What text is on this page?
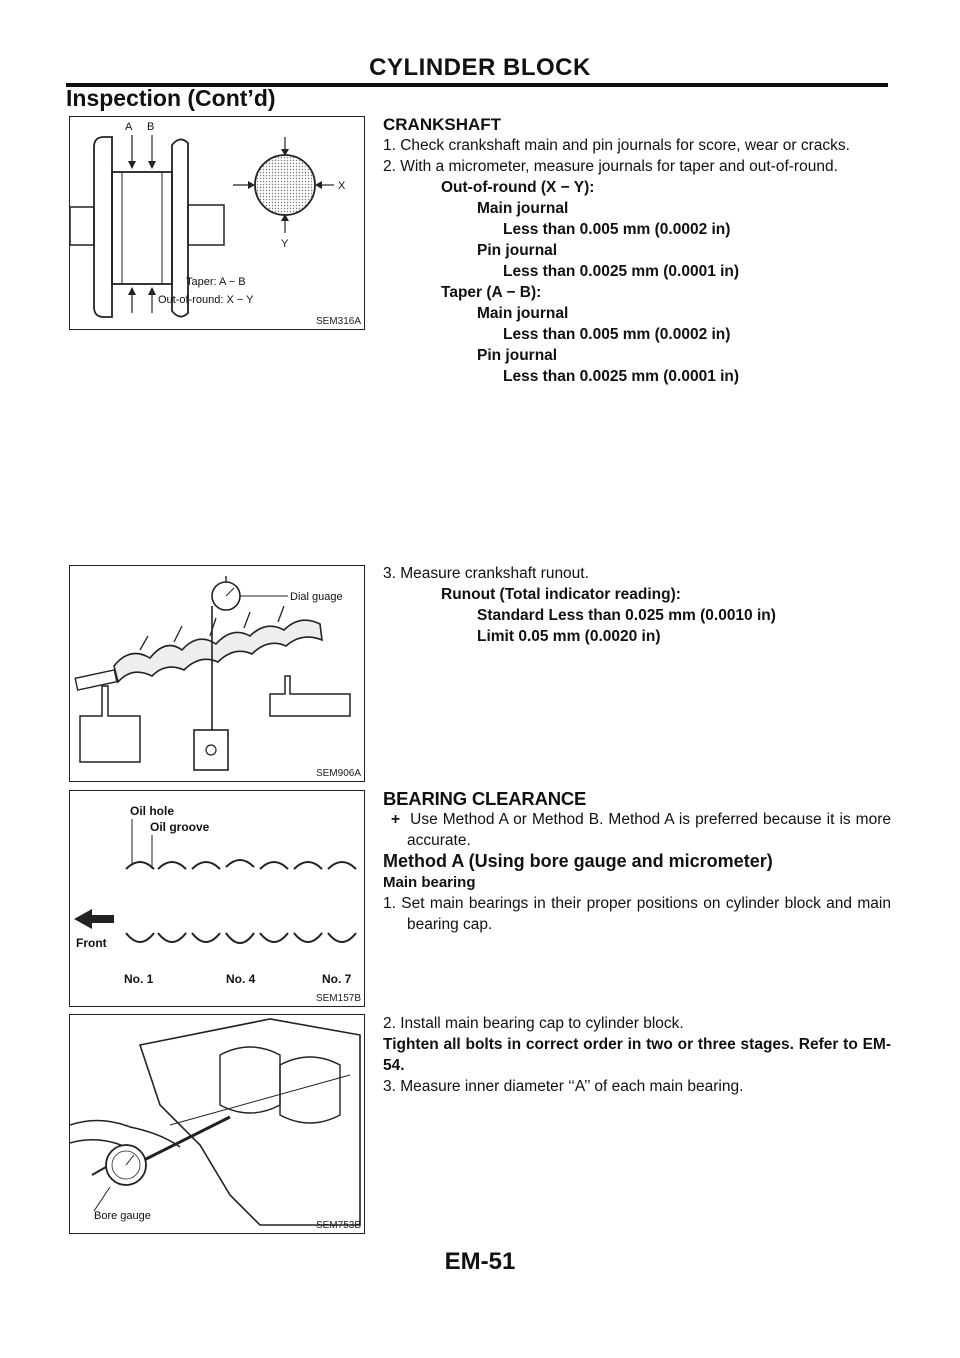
CYLINDER BLOCK
Inspection (Cont’d)
A B
X
Y
Taper: A − B
Out-of-round: X − Y
SEM316A
Dial guage
SEM906A
Oil hole
Oil groove
Front
No. 1	No. 4	No. 7
SEM157B
Bore gauge
SEM753B

CRANKSHAFT

1. Check crankshaft main and pin journals for score, wear or cracks.

2. With a micrometer, measure journals for taper and out-of-round.

Out-of-round (X − Y):

Main journal

Less than 0.005 mm (0.0002 in)

Pin journal

Less than 0.0025 mm (0.0001 in)

Taper (A − B):

Main journal

Less than 0.005 mm (0.0002 in)

Pin journal

Less than 0.0025 mm (0.0001 in)

3. Measure crankshaft runout.

Runout (Total indicator reading):

Standard Less than 0.025 mm (0.0010 in)

Limit 0.05 mm (0.0020 in)

BEARING CLEARANCE

+  Use Method A or Method B. Method A is preferred because it is more accurate.

Method A (Using bore gauge and micrometer)

Main bearing

1. Set main bearings in their proper positions on cylinder block and main bearing cap.

2. Install main bearing cap to cylinder block.

Tighten all bolts in correct order in two or three stages. Refer to EM-54.

3. Measure inner diameter ‘‘A’’ of each main bearing.

EM-51
